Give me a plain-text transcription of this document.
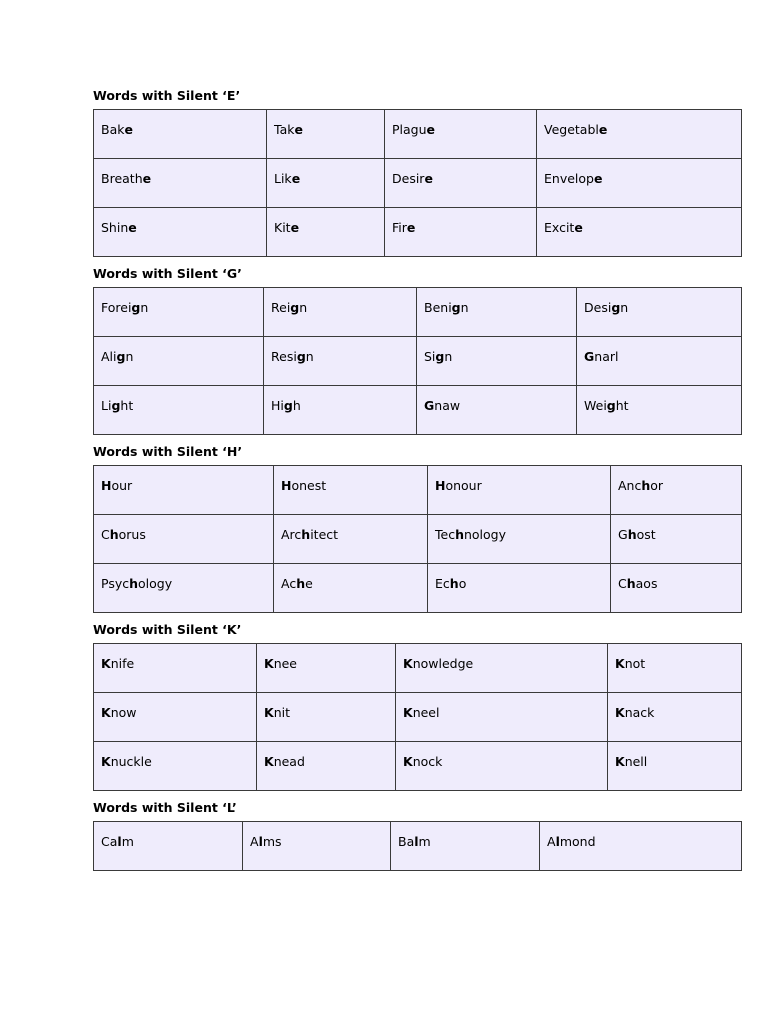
Words with Silent ‘E’
Bake	Take	Plague	Vegetable

Breathe	Like	Desire	Envelope

Shine	Kite	Fire	Excite
Words with Silent ‘G’
Foreign	Reign	Benign	Design

Align	Resign	Sign	Gnarl

Light	High	Gnaw	Weight
Words with Silent ‘H’
Hour	Honest	Honour	Anchor

Chorus	Architect	Technology	Ghost

Psychology	Ache	Echo	Chaos
Words with Silent ‘K’
Knife	Knee	Knowledge	Knot

Know	Knit	Kneel	Knack

Knuckle	Knead	Knock	Knell
Words with Silent ‘L’
Calm	Alms	Balm	Almond
